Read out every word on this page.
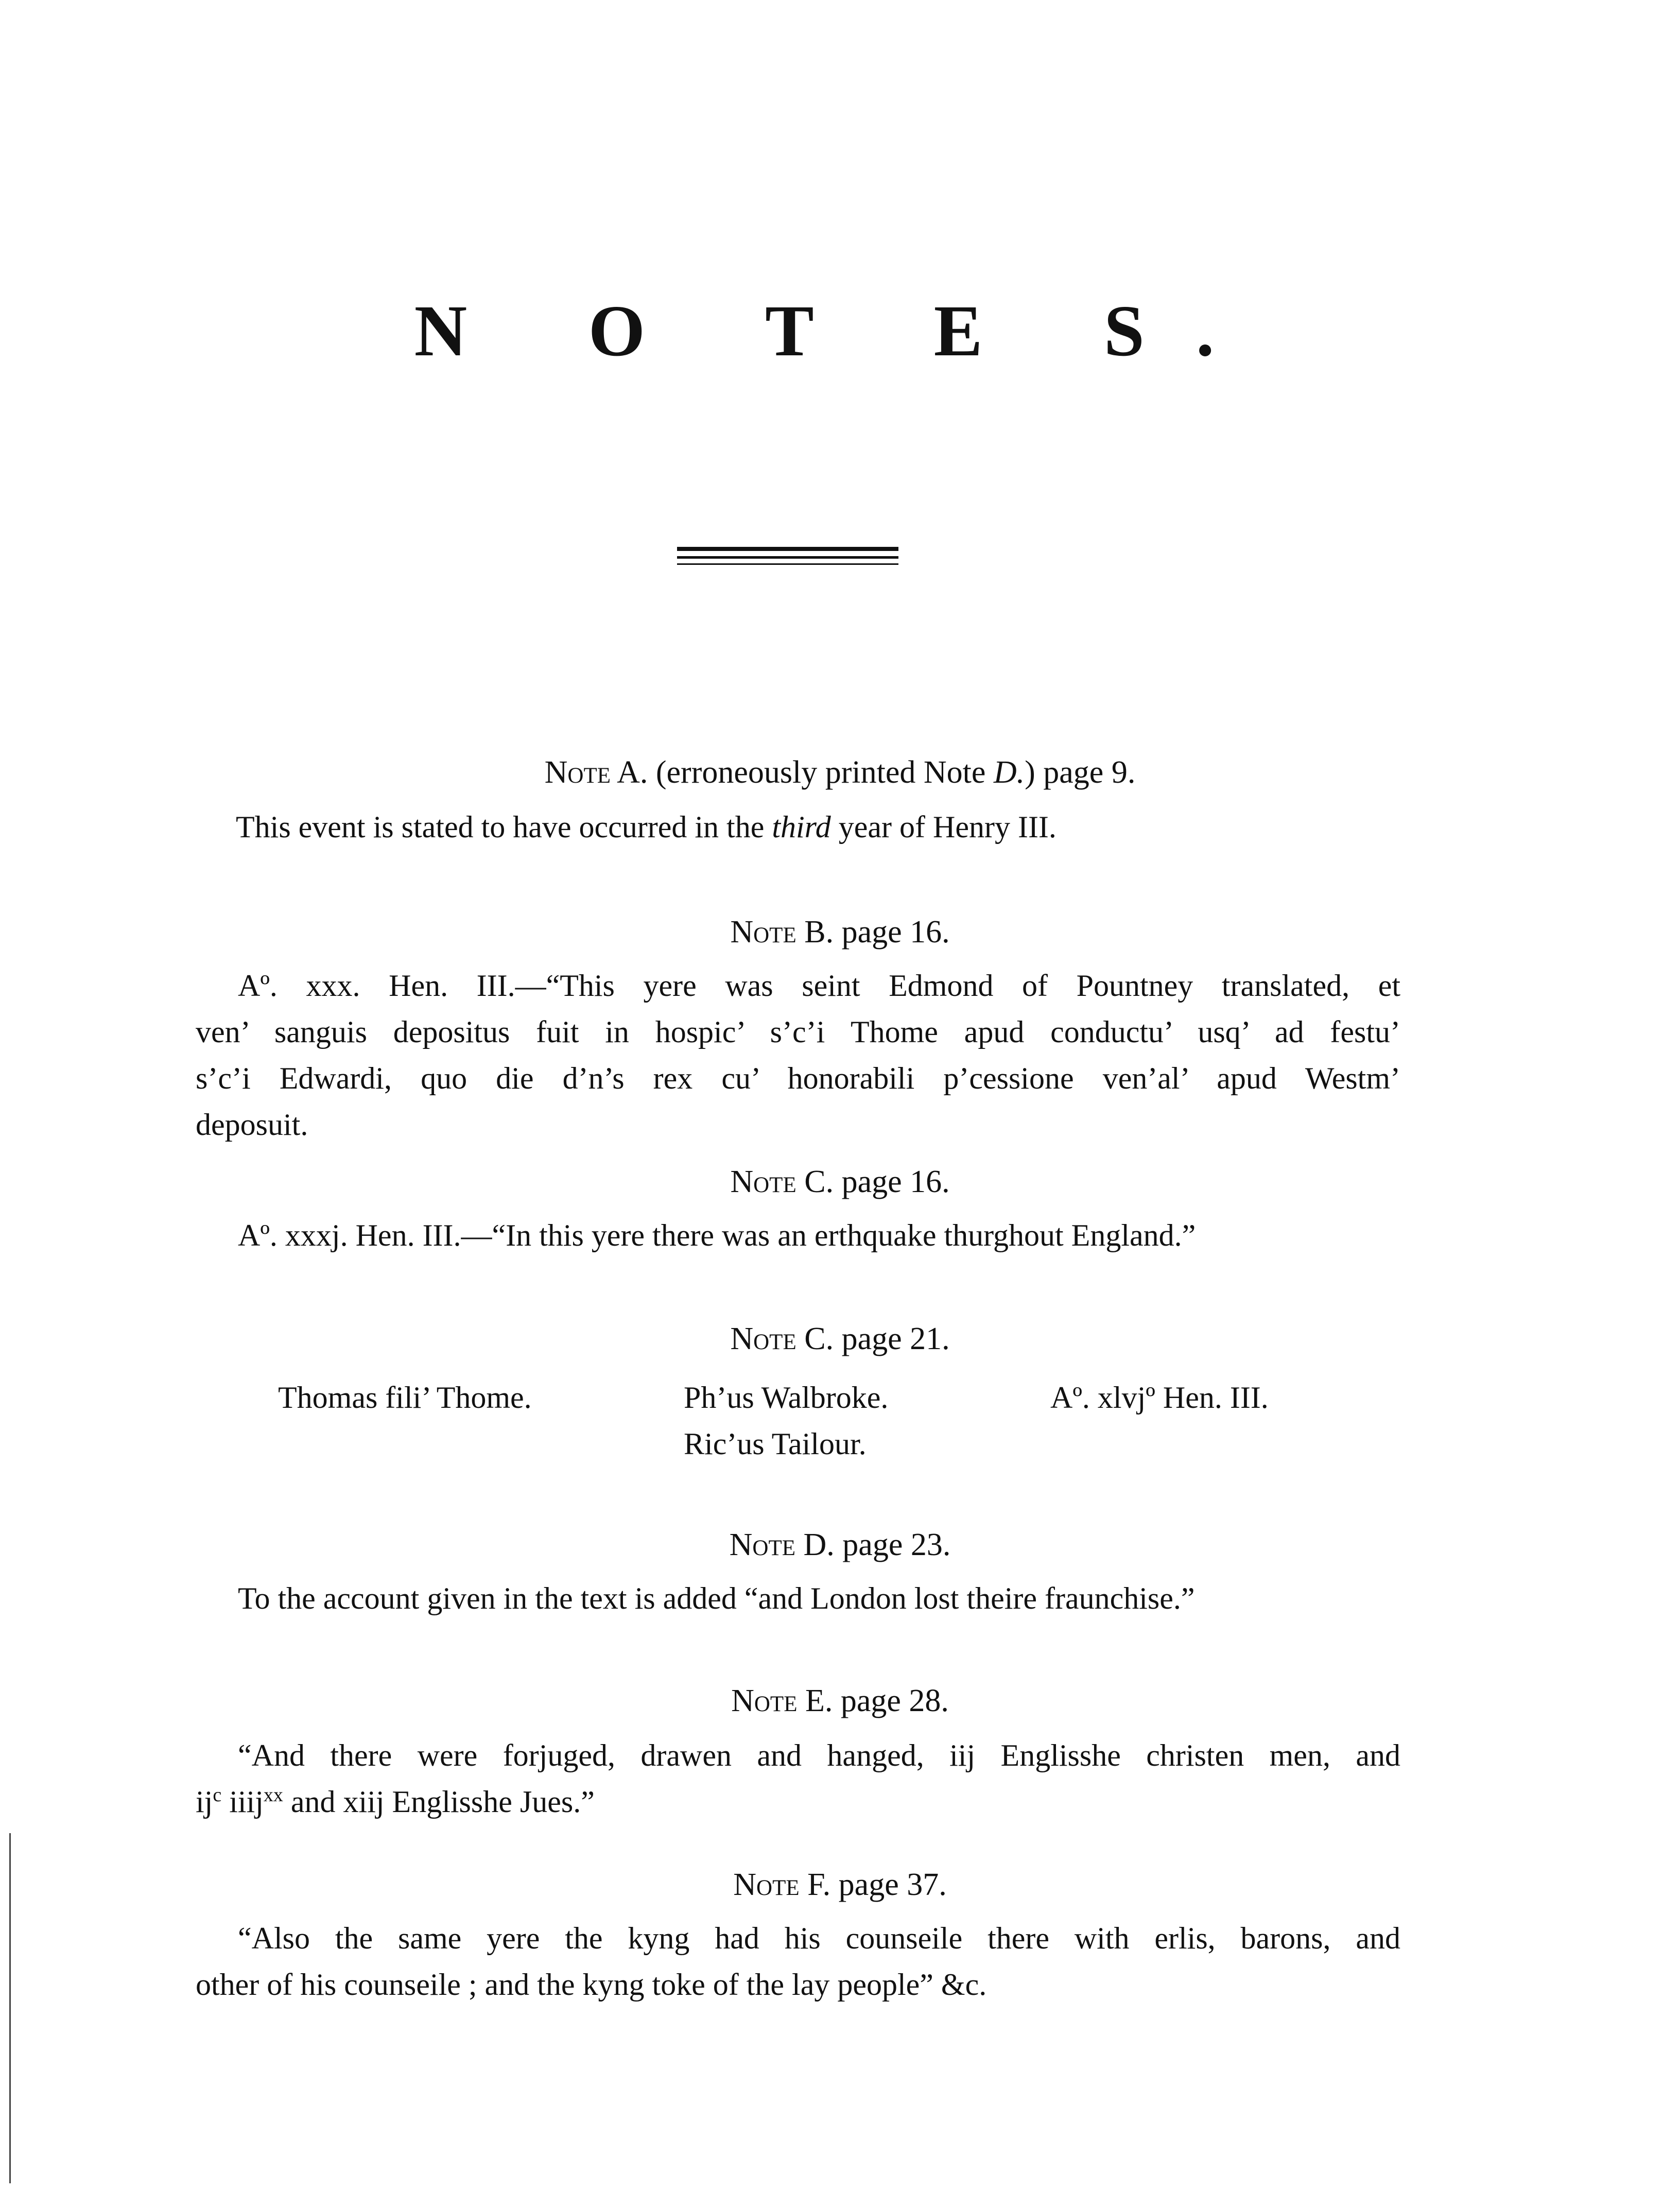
N O T E S.
Note A. (erroneously printed Note D.) page 9.
This event is stated to have occurred in the third year of Henry III.
Note B. page 16.
Aº. xxx. Hen. III.—“This yere was seint Edmond of Pountney translated, et
ven’ sanguis depositus fuit in hospic’ s’c’i Thome apud conductu’ usq’ ad festu’
s’c’i Edwardi, quo die d’n’s rex cu’ honorabili p’cessione ven’al’ apud Westm’
deposuit.
Note C. page 16.
Aº. xxxj. Hen. III.—“In this yere there was an erthquake thurghout England.”
Note C. page 21.
Thomas fili’ Thome.	Ph’us Walbroke.
Ric’us Tailour.
Aº. xlvjº Hen. III.
Note D. page 23.
To the account given in the text is added “and London lost theire fraunchise.”
Note E. page 28.
“And there were forjuged, drawen and hanged, iij Englisshe christen men, and
$ij^c$ iiij$^{xx}$ and xiij Englisshe Jues.”
Note F. page 37.
“Also the same yere the kyng had his counseile there with erlis, barons, and
other of his counseile ; and the kyng toke of the lay people” &c.
